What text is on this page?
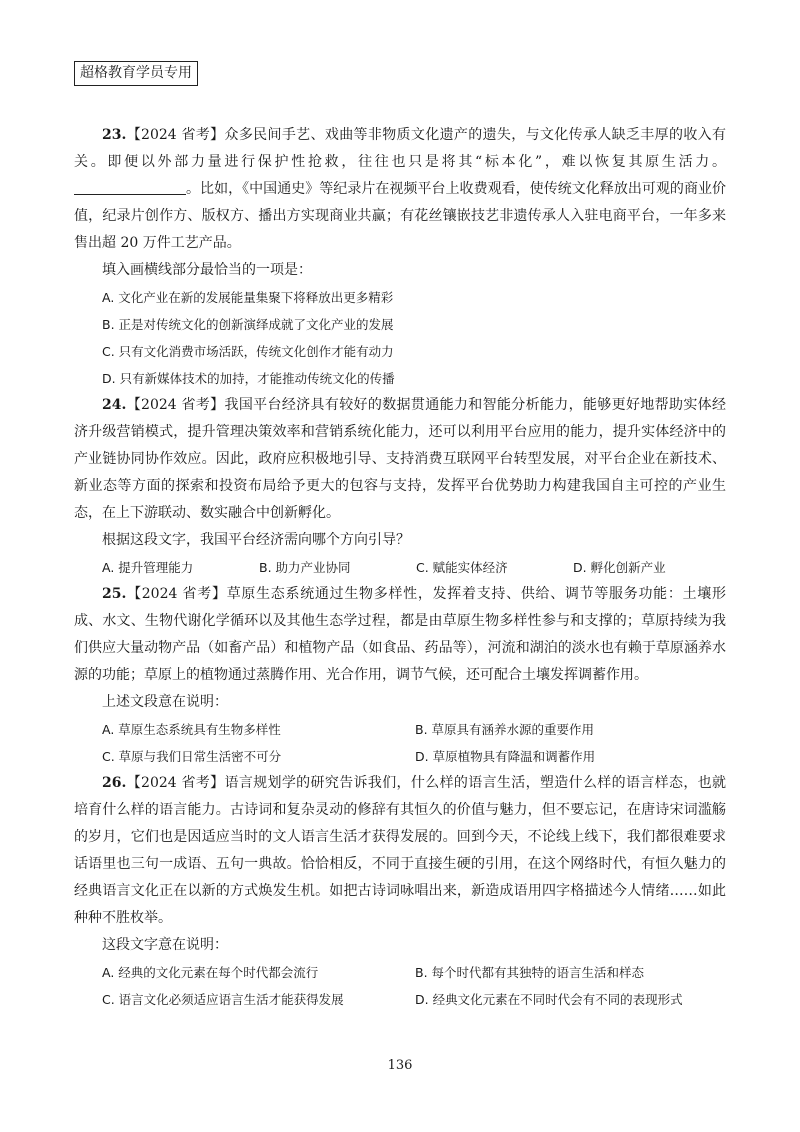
超格教育学员专用

23.【2024 省考】众多民间手艺、戏曲等非物质文化遗产的遗失，与文化传承人缺乏丰厚的收入有关。即便以外部力量进行保护性抢救，往往也只是将其“标本化”，难以恢复其原生活力。。比如，《中国通史》等纪录片在视频平台上收费观看，使传统文化释放出可观的商业价值，纪录片创作方、版权方、播出方实现商业共赢；有花丝镶嵌技艺非遗传承人入驻电商平台，一年多来售出超 20 万件工艺产品。

填入画横线部分最恰当的一项是：

A. 文化产业在新的发展能量集聚下将释放出更多精彩
B. 正是对传统文化的创新演绎成就了文化产业的发展
C. 只有文化消费市场活跃，传统文化创作才能有动力
D. 只有新媒体技术的加持，才能推动传统文化的传播

24.【2024 省考】我国平台经济具有较好的数据贯通能力和智能分析能力，能够更好地帮助实体经济升级营销模式，提升管理决策效率和营销系统化能力，还可以利用平台应用的能力，提升实体经济中的产业链协同协作效应。因此，政府应积极地引导、支持消费互联网平台转型发展，对平台企业在新技术、新业态等方面的探索和投资布局给予更大的包容与支持，发挥平台优势助力构建我国自主可控的产业生态，在上下游联动、数实融合中创新孵化。

根据这段文字，我国平台经济需向哪个方向引导？

A. 提升管理能力	B. 助力产业协同	C. 赋能实体经济	D. 孵化创新产业

25.【2024 省考】草原生态系统通过生物多样性，发挥着支持、供给、调节等服务功能：土壤形成、水文、生物代谢化学循环以及其他生态学过程，都是由草原生物多样性参与和支撑的；草原持续为我们供应大量动物产品（如畜产品）和植物产品（如食品、药品等），河流和湖泊的淡水也有赖于草原涵养水源的功能；草原上的植物通过蒸腾作用、光合作用，调节气候，还可配合土壤发挥调蓄作用。

上述文段意在说明：

A. 草原生态系统具有生物多样性	B. 草原具有涵养水源的重要作用
C. 草原与我们日常生活密不可分	D. 草原植物具有降温和调蓄作用

26.【2024 省考】语言规划学的研究告诉我们，什么样的语言生活，塑造什么样的语言样态，也就培育什么样的语言能力。古诗词和复杂灵动的修辞有其恒久的价值与魅力，但不要忘记，在唐诗宋词滥觞的岁月，它们也是因适应当时的文人语言生活才获得发展的。回到今天，不论线上线下，我们都很难要求话语里也三句一成语、五句一典故。恰恰相反，不同于直接生硬的引用，在这个网络时代，有恒久魅力的经典语言文化正在以新的方式焕发生机。如把古诗词咏唱出来，新造成语用四字格描述今人情绪……如此种种不胜枚举。

这段文字意在说明：

A. 经典的文化元素在每个时代都会流行	B. 每个时代都有其独特的语言生活和样态
C. 语言文化必须适应语言生活才能获得发展	D. 经典文化元素在不同时代会有不同的表现形式
136
